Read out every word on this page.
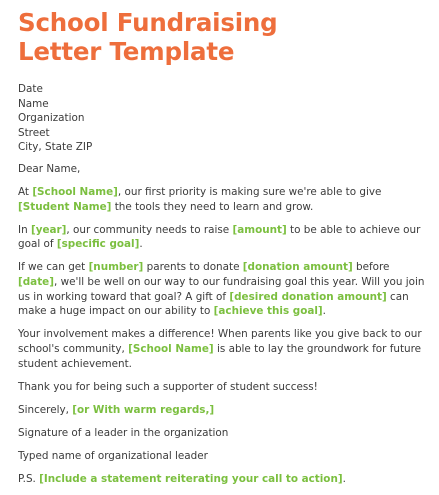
School Fundraising
Letter Template

Date
Name
Organization
Street
City, State ZIP

Dear Name,

At [School Name], our first priority is making sure we're able to give [Student Name] the tools they need to learn and grow.

In [year], our community needs to raise [amount] to be able to achieve our goal of [specific goal].

If we can get [number] parents to donate [donation amount] before [date], we'll be well on our way to our fundraising goal this year. Will you join us in working toward that goal? A gift of [desired donation amount] can make a huge impact on our ability to [achieve this goal].

Your involvement makes a difference! When parents like you give back to our school's community, [School Name] is able to lay the groundwork for future student achievement.

Thank you for being such a supporter of student success!

Sincerely, [or With warm regards,]

Signature of a leader in the organization

Typed name of organizational leader

P.S. [Include a statement reiterating your call to action].
